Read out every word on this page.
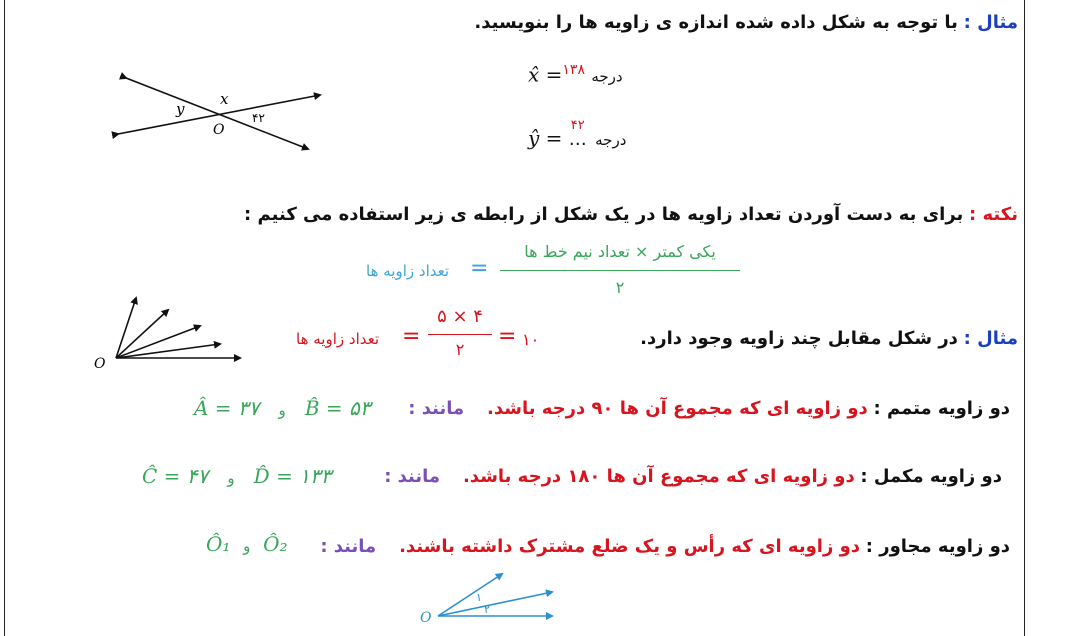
مثال : با توجه به شکل داده شده اندازه ی زاویه ها را بنویسید.
x
y
O
۴۲
x̂ =$^{۱۳۸}$ درجه
ŷ =
۴۲
… درجه
نکته : برای به دست آوردن تعداد زاویه ها در یک شکل از رابطه ی زیر استفاده می کنیم :
تعداد زاویه ها =
یکی کمتر × تعداد نیم خط ها
۲
O
تعداد زاویه ها =
۵ × ۴
۲
= ۱۰	مثال : در شکل مقابل چند زاویه وجود دارد.
دو زاویه متمم : دو زاویه ای که مجموع آن ها ۹۰ درجه باشد.    مانند :
Â = ۳۷ و B̂ = ۵۳
دو زاویه مکمل : دو زاویه ای که مجموع آن ها ۱۸۰ درجه باشد.    مانند :
Ĉ = ۴۷ و D̂ = ۱۳۳
دو زاویه مجاور : دو زاویه ای که رأس و یک ضلع مشترک داشته باشند.    مانند :
Ô₁ و Ô₂
O
۱
۲
